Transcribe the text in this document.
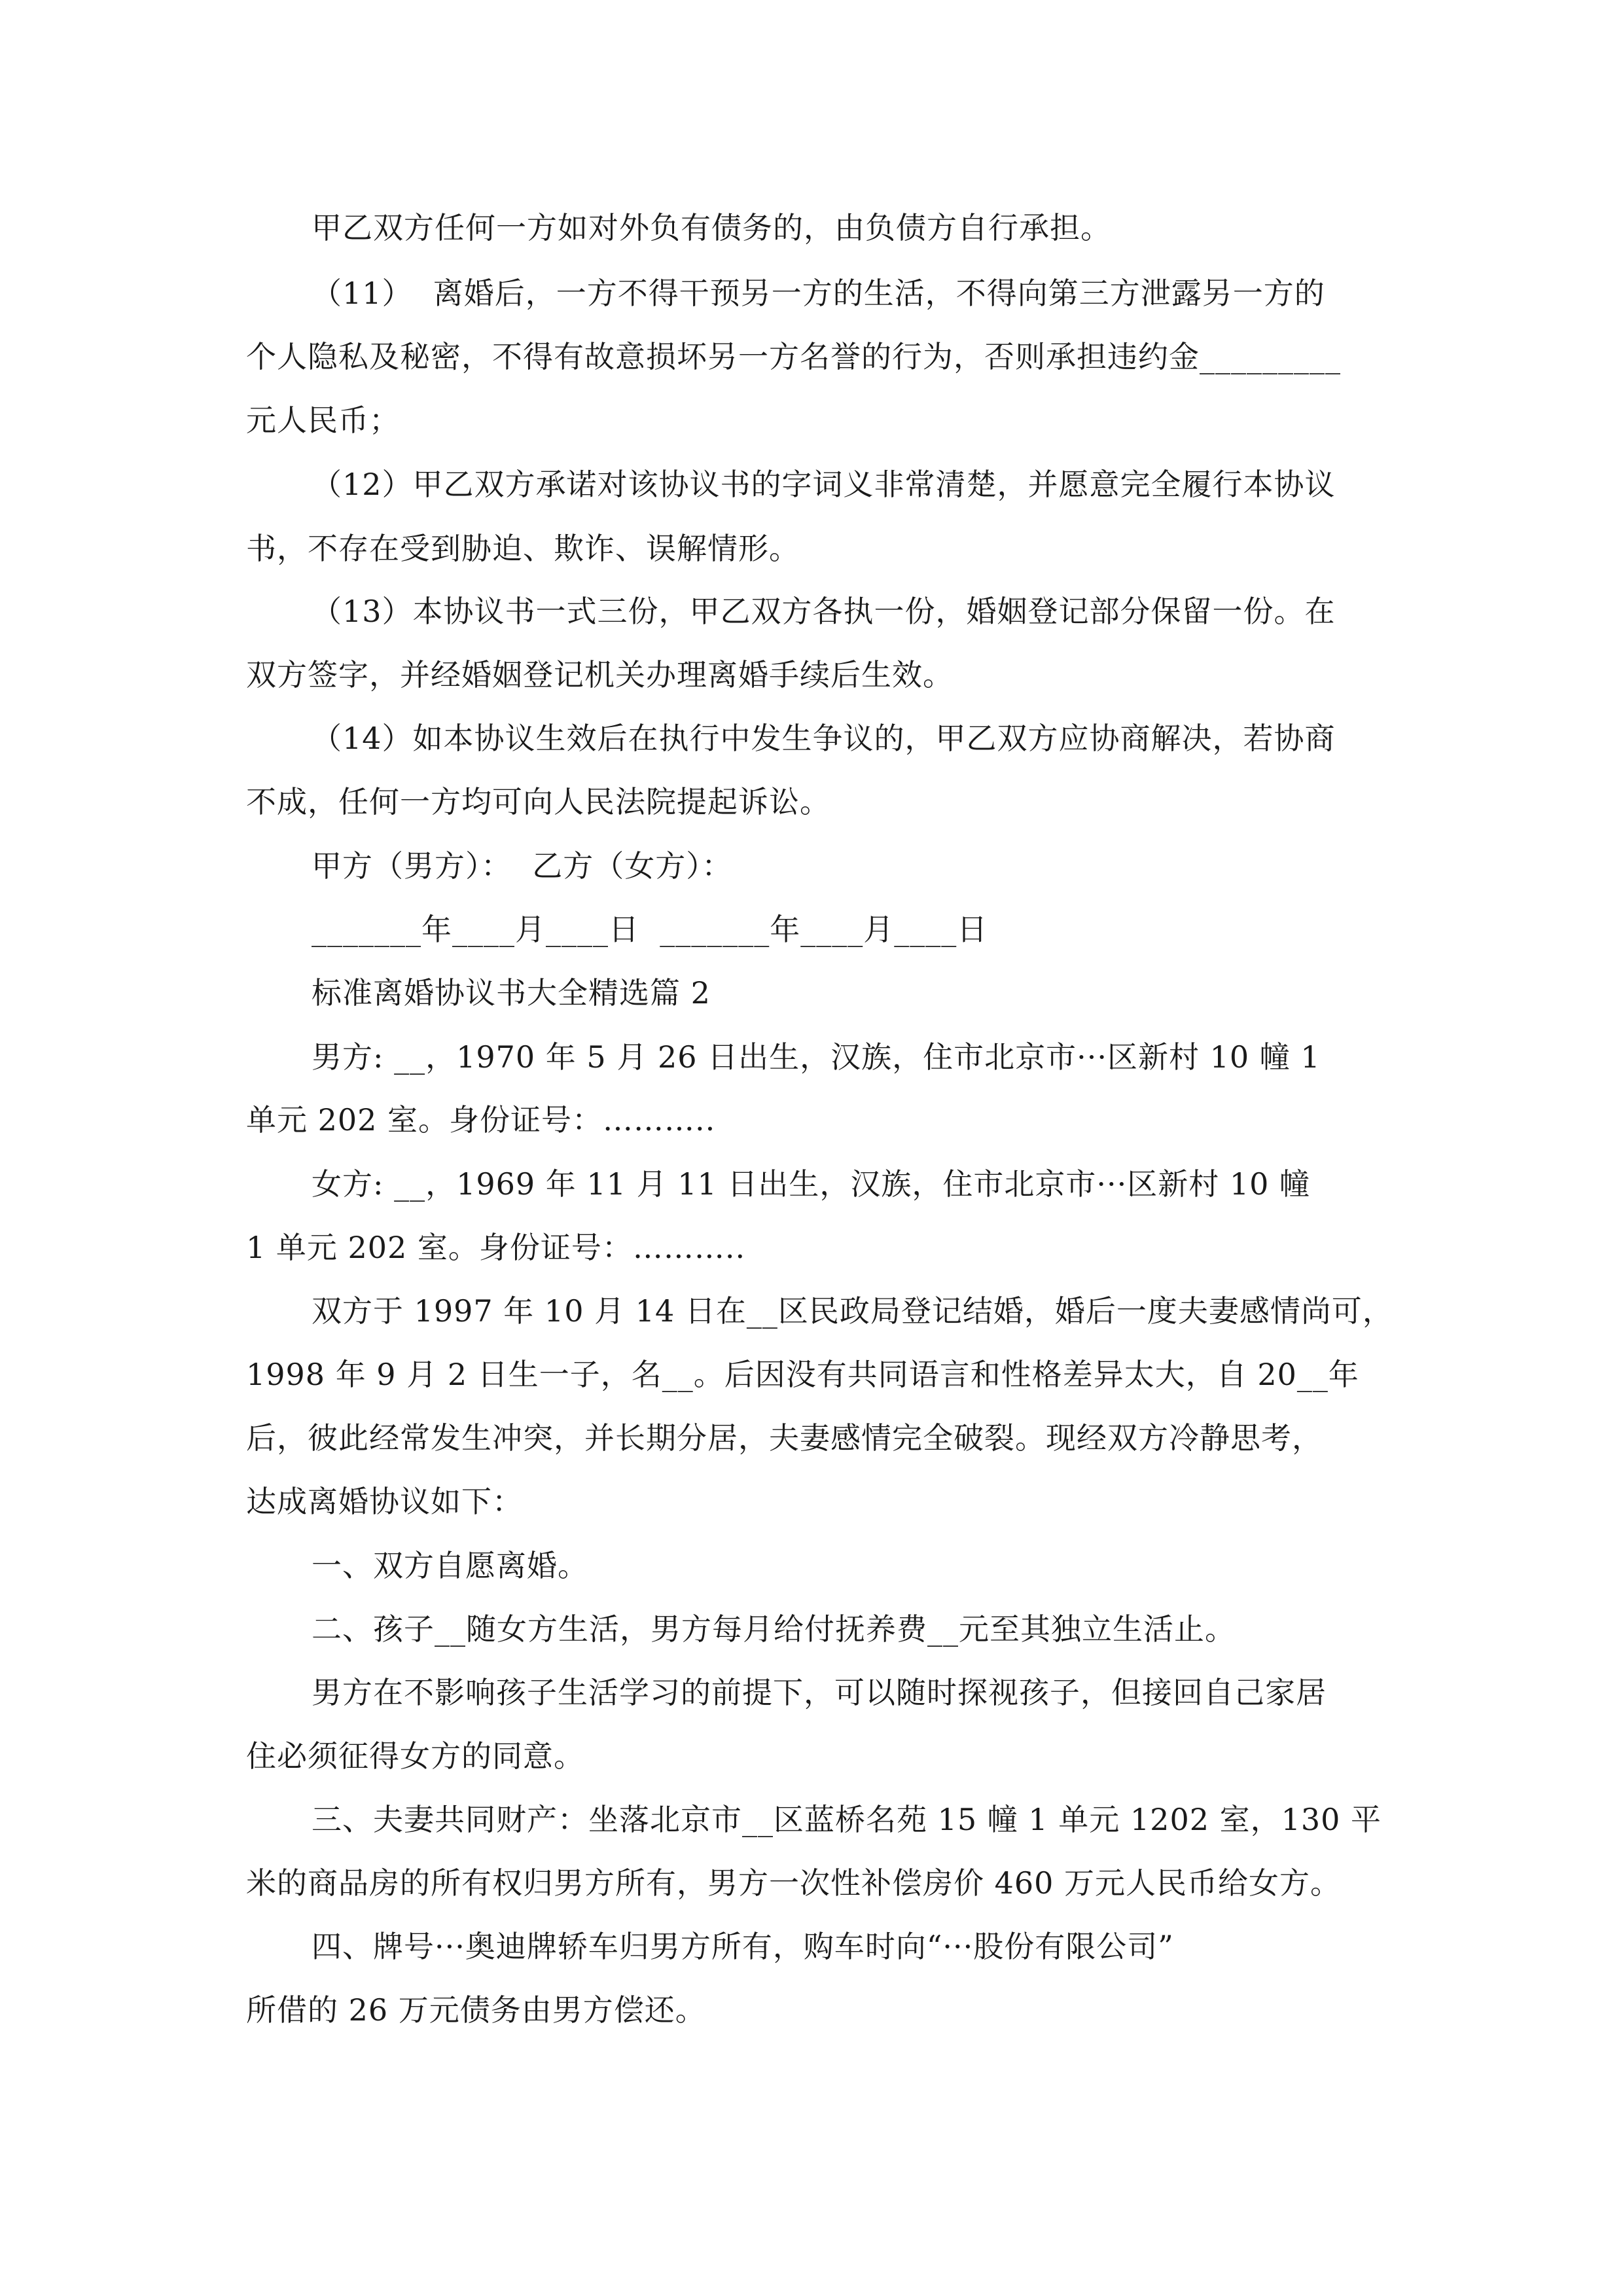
甲乙双方任何一方如对外负有债务的，由负债方自行承担。
（11）  离婚后，一方不得干预另一方的生活，不得向第三方泄露另一方的
个人隐私及秘密，不得有故意损坏另一方名誉的行为，否则承担违约金_________
元人民币；
（12）甲乙双方承诺对该协议书的字词义非常清楚，并愿意完全履行本协议
书，不存在受到胁迫、欺诈、误解情形。
（13）本协议书一式三份，甲乙双方各执一份，婚姻登记部分保留一份。在
双方签字，并经婚姻登记机关办理离婚手续后生效。
（14）如本协议生效后在执行中发生争议的，甲乙双方应协商解决，若协商
不成，任何一方均可向人民法院提起诉讼。
甲方（男方）：  乙方（女方）：
_______年____月____日  _______年____月____日
标准离婚协议书大全精选篇 2
男方: __，1970 年 5 月 26 日出生，汉族，住市北京市···区新村 10 幢 1
单元 202 室。身份证号：………..
女方: __，1969 年 11 月 11 日出生，汉族，住市北京市···区新村 10 幢
1 单元 202 室。身份证号：………..
双方于 1997 年 10 月 14 日在__区民政局登记结婚，婚后一度夫妻感情尚可，
1998 年 9 月 2 日生一子，名__。后因没有共同语言和性格差异太大，自 20__年
后，彼此经常发生冲突，并长期分居，夫妻感情完全破裂。现经双方冷静思考，
达成离婚协议如下：
一、双方自愿离婚。
二、孩子__随女方生活，男方每月给付抚养费__元至其独立生活止。
男方在不影响孩子生活学习的前提下，可以随时探视孩子，但接回自己家居
住必须征得女方的同意。
三、夫妻共同财产：坐落北京市__区蓝桥名苑 15 幢 1 单元 1202 室，130 平
米的商品房的所有权归男方所有，男方一次性补偿房价 460 万元人民币给女方。
四、牌号···奥迪牌轿车归男方所有，购车时向“···股份有限公司”
所借的 26 万元债务由男方偿还。
